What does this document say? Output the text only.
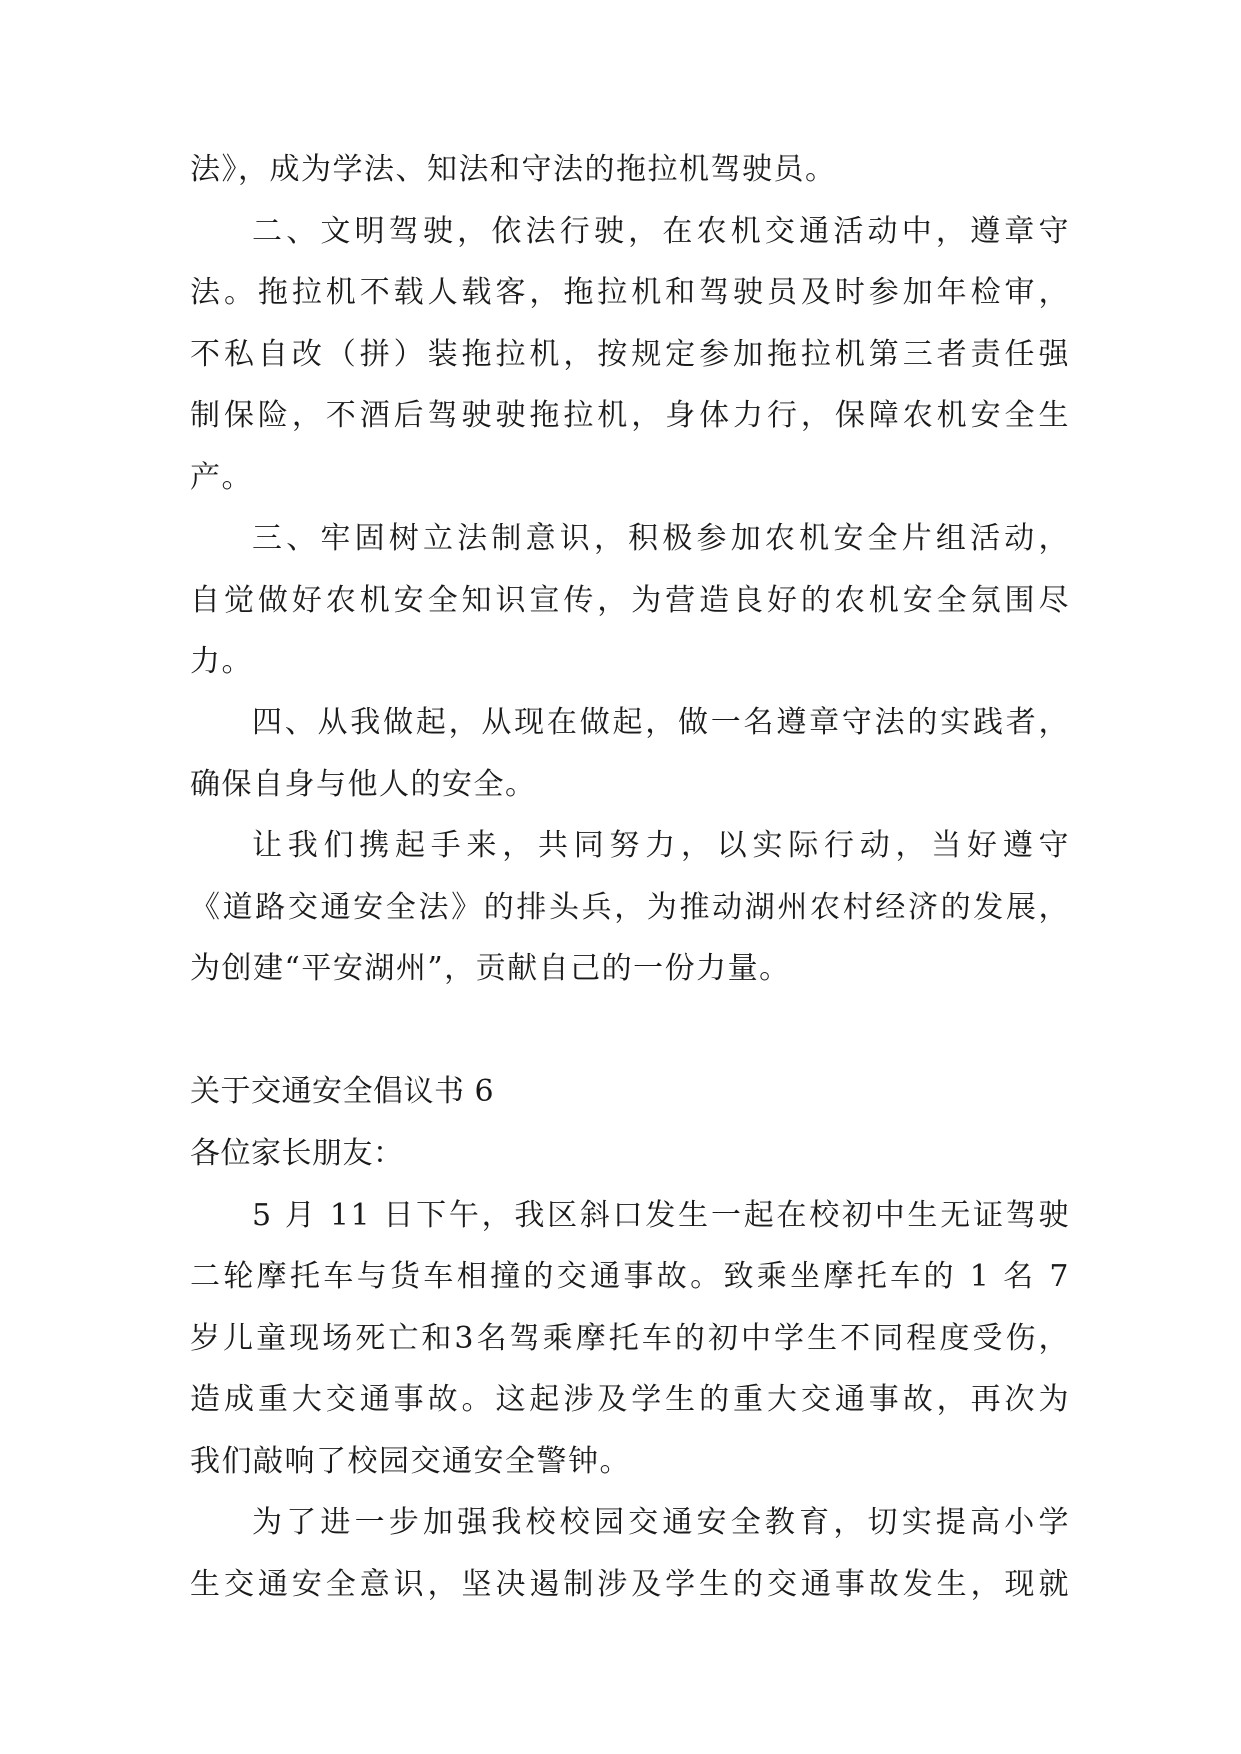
法》，成为学法、知法和守法的拖拉机驾驶员。
二、文明驾驶，依法行驶，在农机交通活动中，遵章守
法。拖拉机不载人载客，拖拉机和驾驶员及时参加年检审，
不私自改（拼）装拖拉机，按规定参加拖拉机第三者责任强
制保险，不酒后驾驶驶拖拉机，身体力行，保障农机安全生
产。
三、牢固树立法制意识，积极参加农机安全片组活动，
自觉做好农机安全知识宣传，为营造良好的农机安全氛围尽
力。
四、从我做起，从现在做起，做一名遵章守法的实践者，
确保自身与他人的安全。
让我们携起手来，共同努力，以实际行动，当好遵守
《道路交通安全法》的排头兵，为推动湖州农村经济的发展，
为创建“平安湖州”，贡献自己的一份力量。
关于交通安全倡议书 6
各位家长朋友：
5 月 11 日下午，我区斜口发生一起在校初中生无证驾驶
二轮摩托车与货车相撞的交通事故。致乘坐摩托车的 1 名 7
岁儿童现场死亡和3名驾乘摩托车的初中学生不同程度受伤，
造成重大交通事故。这起涉及学生的重大交通事故，再次为
我们敲响了校园交通安全警钟。
为了进一步加强我校校园交通安全教育，切实提高小学
生交通安全意识，坚决遏制涉及学生的交通事故发生，现就
